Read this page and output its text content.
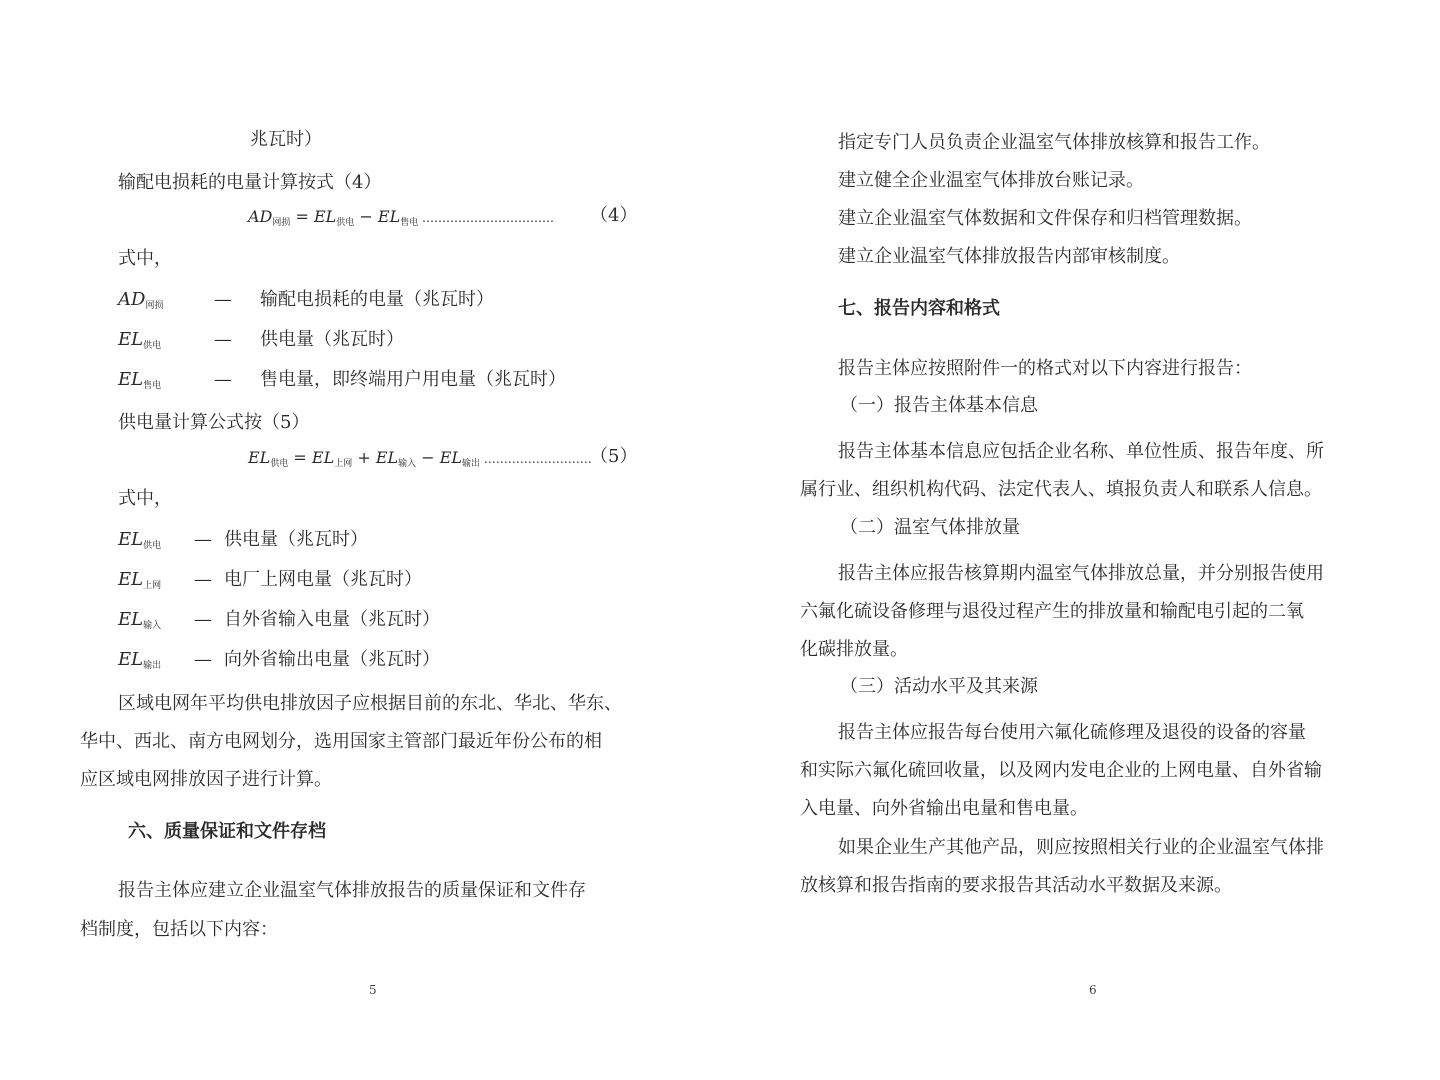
兆瓦时）
输配电损耗的电量计算按式（4）
$AD_{网损} = EL_{供电} - EL_{售电}$ …………………………… （4）
式中，
$AD_{网损}$	— 输配电损耗的电量（兆瓦时）
$EL_{供电}$	— 供电量（兆瓦时）
$EL_{售电}$	— 售电量，即终端用户用电量（兆瓦时）
供电量计算公式按（5）
$EL_{供电} = EL_{上网} + EL_{输入} - EL_{输出}$ ………………………
（5）
式中，
$EL_{供电}$ — 供电量（兆瓦时）
$EL_{上网}$ — 电厂上网电量（兆瓦时）
$EL_{输入}$ — 自外省输入电量（兆瓦时）
$EL_{输出}$ — 向外省输出电量（兆瓦时）
区域电网年平均供电排放因子应根据目前的东北、华北、华东、
华中、西北、南方电网划分，选用国家主管部门最近年份公布的相
应区域电网排放因子进行计算。
六、质量保证和文件存档
报告主体应建立企业温室气体排放报告的质量保证和文件存
档制度，包括以下内容：
5
指定专门人员负责企业温室气体排放核算和报告工作。
建立健全企业温室气体排放台账记录。
建立企业温室气体数据和文件保存和归档管理数据。
建立企业温室气体排放报告内部审核制度。
七、报告内容和格式
报告主体应按照附件一的格式对以下内容进行报告：
（一）报告主体基本信息
报告主体基本信息应包括企业名称、单位性质、报告年度、所
属行业、组织机构代码、法定代表人、填报负责人和联系人信息。
（二）温室气体排放量
报告主体应报告核算期内温室气体排放总量，并分别报告使用
六氟化硫设备修理与退役过程产生的排放量和输配电引起的二氧
化碳排放量。
（三）活动水平及其来源
报告主体应报告每台使用六氟化硫修理及退役的设备的容量
和实际六氟化硫回收量，以及网内发电企业的上网电量、自外省输
入电量、向外省输出电量和售电量。
如果企业生产其他产品，则应按照相关行业的企业温室气体排
放核算和报告指南的要求报告其活动水平数据及来源。
6
